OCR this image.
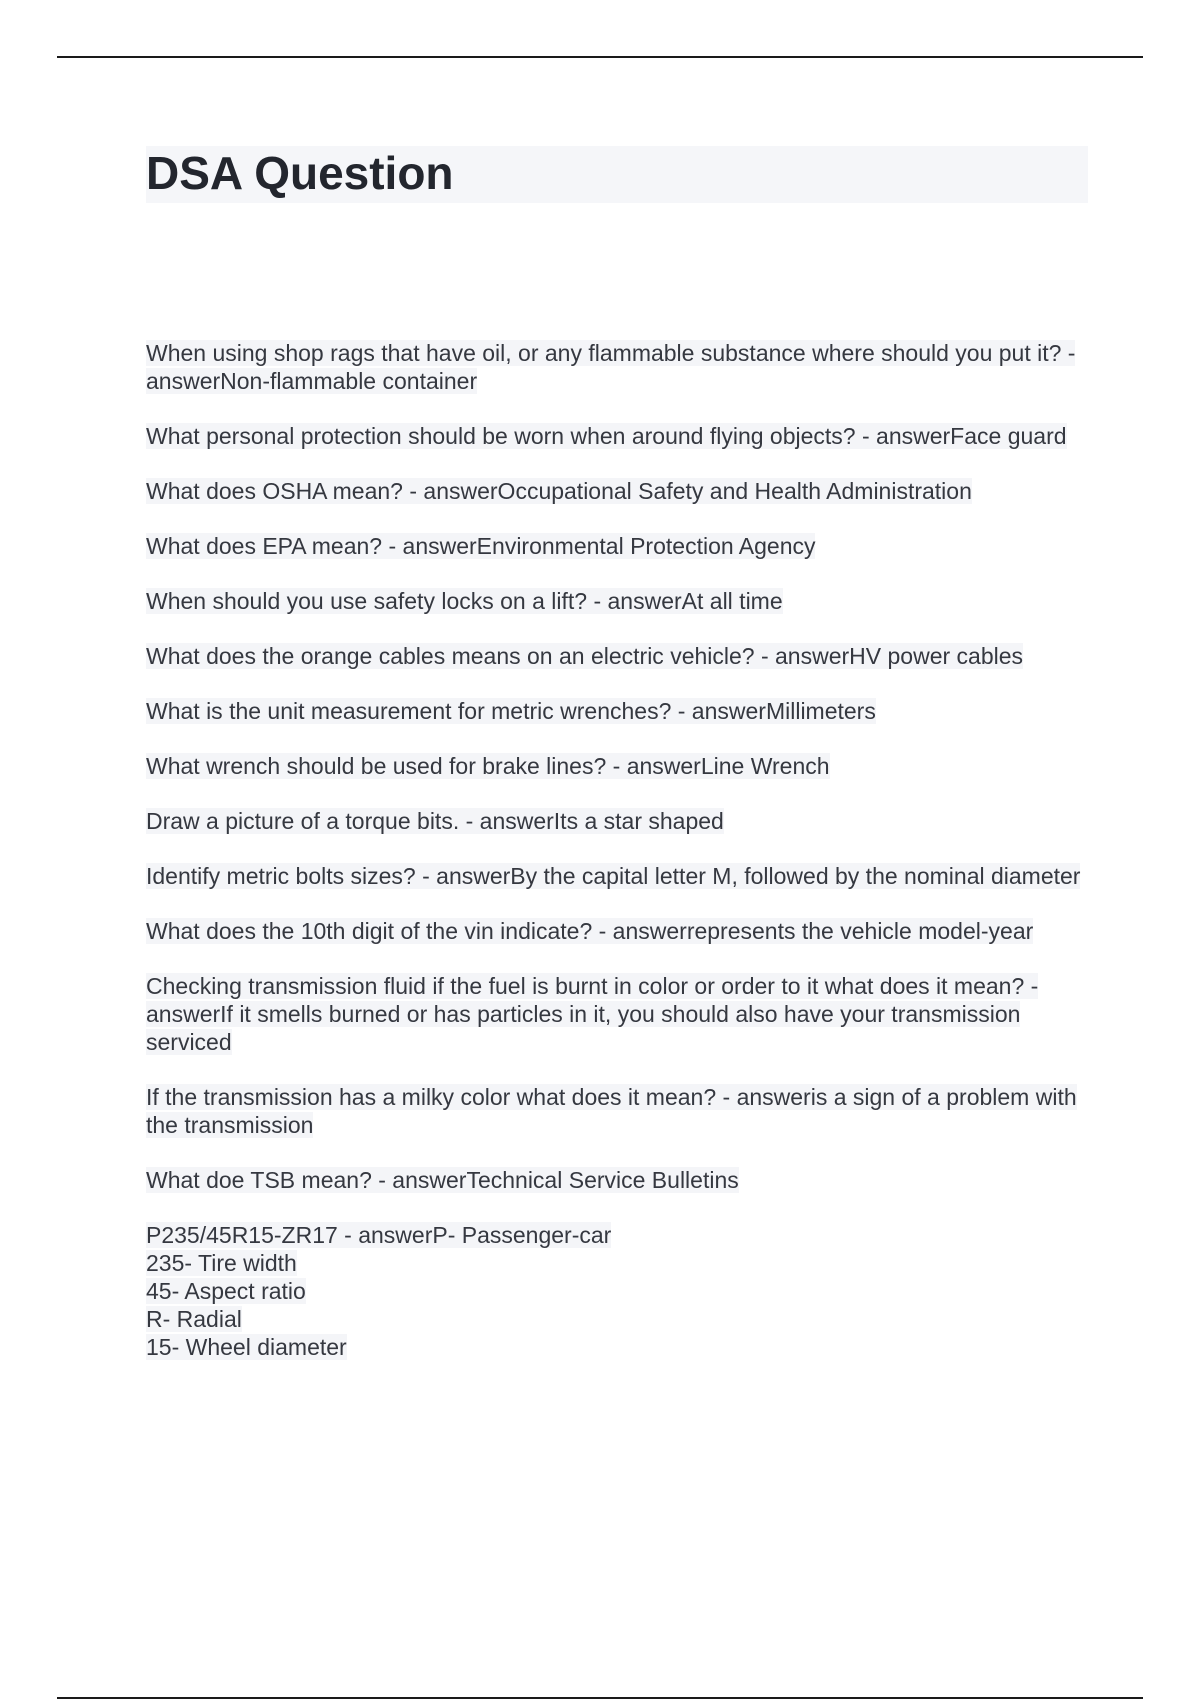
DSA Question

When using shop rags that have oil, or any flammable substance where should you put it? - answerNon-flammable container

What personal protection should be worn when around flying objects? - answerFace guard

What does OSHA mean? - answerOccupational Safety and Health Administration

What does EPA mean? - answerEnvironmental Protection Agency

When should you use safety locks on a lift? - answerAt all time

What does the orange cables means on an electric vehicle? - answerHV power cables

What is the unit measurement for metric wrenches? - answerMillimeters

What wrench should be used for brake lines? - answerLine Wrench

Draw a picture of a torque bits. - answerIts a star shaped

Identify metric bolts sizes? - answerBy the capital letter M, followed by the nominal diameter

What does the 10th digit of the vin indicate? - answerrepresents the vehicle model-year

Checking transmission fluid if the fuel is burnt in color or order to it what does it mean? - answerIf it smells burned or has particles in it, you should also have your transmission serviced

If the transmission has a milky color what does it mean? - answeris a sign of a problem with the transmission

What doe TSB mean? - answerTechnical Service Bulletins

P235/45R15-ZR17 - answerP- Passenger-car
235- Tire width
45- Aspect ratio
R- Radial
15- Wheel diameter
